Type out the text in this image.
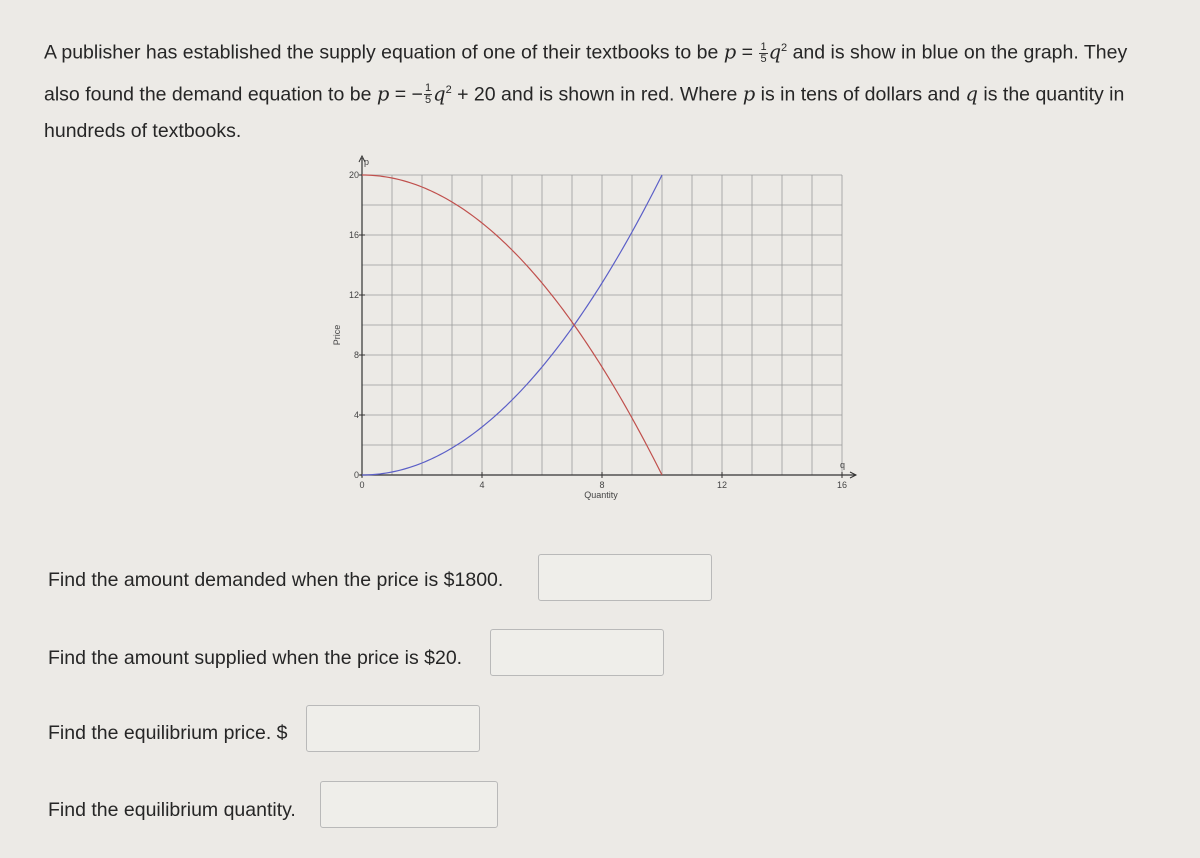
A publisher has established the supply equation of one of their textbooks to be $p = \frac{1}{5} q^2$ and is show in blue on the graph. They also found the demand equation to be p = − $\frac{1}{5} q^2 + 20$ and is shown in red. Where p is in tens of dollars and q is the quantity in hundreds of textbooks.
0
4
8
12
16
20
0	4	8	12	16
Price
Quantity
p
q
Find the amount demanded when the price is $1800.
Find the amount supplied when the price is $20.
Find the equilibrium price. $
Find the equilibrium quantity.
